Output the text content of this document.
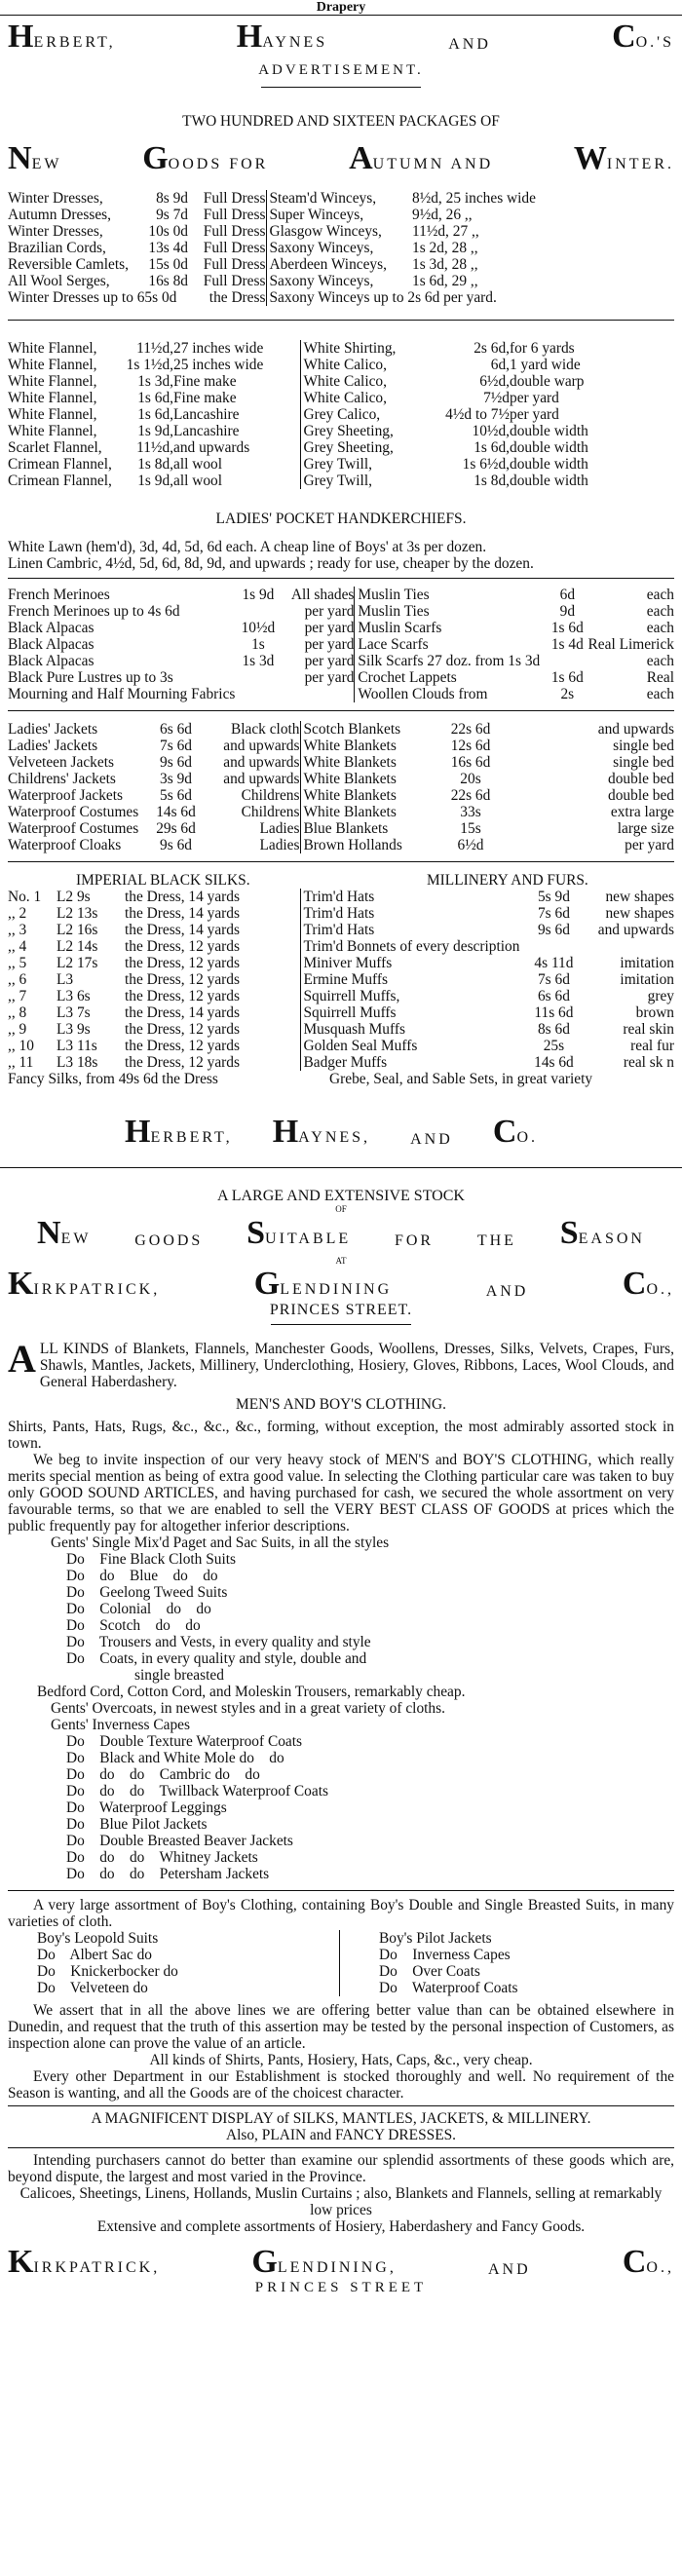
Drapery
HERBERT,	HAYNES	AND	CO.'S
ADVERTISEMENT.
TWO HUNDRED AND SIXTEEN PACKAGES OF
NEW GOODS FOR AUTUMN AND WINTER.
Winter Dresses,	8s 9d	Full Dress	Steam'd Winceys,	8½d, 25 inches wide
Autumn Dresses,	9s 7d	Full Dress	Super Winceys,	9½d, 26 ,,
Winter Dresses,	10s 0d	Full Dress	Glasgow Winceys,	11½d, 27 ,,
Brazilian Cords,	13s 4d	Full Dress	Saxony Winceys,	1s 2d, 28 ,,
Reversible Camlets,	15s 0d	Full Dress	Aberdeen Winceys,	1s 3d, 28 ,,
All Wool Serges,	16s 8d	Full Dress	Saxony Winceys,	1s 6d, 29 ,,
Winter Dresses up to 65s 0d		the Dress	Saxony Winceys up to 2s 6d per yard.	
White Flannel,	11½d,	27 inches wide	White Shirting,	2s 6d,	for 6 yards
White Flannel,	1s 1½d,	25 inches wide	White Calico,	6d,	1 yard wide
White Flannel,	1s 3d,	Fine make	White Calico,	6½d,	double warp
White Flannel,	1s 6d,	Fine make	White Calico,	7½d	per yard
White Flannel,	1s 6d,	Lancashire	Grey Calico,	4½d to 7½	per yard
White Flannel,	1s 9d,	Lancashire	Grey Sheeting,	10½d,	double width
Scarlet Flannel,	11½d,	and upwards	Grey Sheeting,	1s 6d,	double width
Crimean Flannel,	1s 8d,	all wool	Grey Twill,	1s 6½d,	double width
Crimean Flannel,	1s 9d,	all wool	Grey Twill,	1s 8d,	double width
LADIES' POCKET HANDKERCHIEFS.
White Lawn (hem'd), 3d, 4d, 5d, 6d each. A cheap line of Boys' at 3s per dozen.
Linen Cambric, 4½d, 5d, 6d, 8d, 9d, and upwards ; ready for use, cheaper by the dozen.
French Merinoes	1s 9d	All shades	Muslin Ties	6d	each
French Merinoes up to 4s 6d		per yard	Muslin Ties	9d	each
Black Alpacas	10½d	per yard	Muslin Scarfs	1s 6d	each
Black Alpacas	1s	per yard	Lace Scarfs	1s 4d	Real Limerick
Black Alpacas	1s 3d	per yard	Silk Scarfs 27 doz. from 1s 3d		each
Black Pure Lustres up to 3s		per yard	Crochet Lappets	1s 6d	Real
Mourning and Half Mourning Fabrics			Woollen Clouds from	2s	each
Ladies' Jackets	6s 6d	Black cloth	Scotch Blankets	22s 6d	and upwards
Ladies' Jackets	7s 6d	and upwards	White Blankets	12s 6d	single bed
Velveteen Jackets	9s 6d	and upwards	White Blankets	16s 6d	single bed
Childrens' Jackets	3s 9d	and upwards	White Blankets	20s	double bed
Waterproof Jackets	5s 6d	Childrens	White Blankets	22s 6d	double bed
Waterproof Costumes	14s 6d	Childrens	White Blankets	33s	extra large
Waterproof Costumes	29s 6d	Ladies	Blue Blankets	15s	large size
Waterproof Cloaks	9s 6d	Ladies	Brown Hollands	6½d	per yard
IMPERIAL BLACK SILKS.	MILLINERY AND FURS.
No. 1	L2 9s	the Dress, 14 yards	Trim'd Hats	5s 9d	new shapes
,, 2	L2 13s	the Dress, 14 yards	Trim'd Hats	7s 6d	new shapes
,, 3	L2 16s	the Dress, 14 yards	Trim'd Hats	9s 6d	and upwards
,, 4	L2 14s	the Dress, 12 yards	Trim'd Bonnets of every description		
,, 5	L2 17s	the Dress, 12 yards	Miniver Muffs	4s 11d	imitation
,, 6	L3	the Dress, 12 yards	Ermine Muffs	7s 6d	imitation
,, 7	L3 6s	the Dress, 12 yards	Squirrell Muffs,	6s 6d	grey
,, 8	L3 7s	the Dress, 14 yards	Squirrell Muffs	11s 6d	brown
,, 9	L3 9s	the Dress, 12 yards	Musquash Muffs	8s 6d	real skin
,, 10	L3 11s	the Dress, 12 yards	Golden Seal Muffs	25s	real fur
,, 11	L3 18s	the Dress, 12 yards	Badger Muffs	14s 6d	real sk n
Fancy Silks, from 49s 6d the Dress	Grebe, Seal, and Sable Sets, in great variety
HERBERT, HAYNES,	AND CO.
A LARGE AND EXTENSIVE STOCK
OF
NEW	GOODS SUITABLE	FOR	THE SEASON
AT
KIRKPATRICK,	GLENDINING	AND	CO.,
PRINCES STREET.

ALL KINDS of Blankets, Flannels, Manchester Goods, Woollens, Dresses, Silks, Velvets, Crapes, Furs, Shawls, Mantles, Jackets, Millinery, Underclothing, Hosiery, Gloves, Ribbons, Laces, Wool Clouds, and General Haberdashery.

MEN'S AND BOY'S CLOTHING.

Shirts, Pants, Hats, Rugs, &c., &c., &c., forming, without exception, the most admirably assorted stock in town.

We beg to invite inspection of our very heavy stock of MEN'S and BOY'S CLOTHING, which really merits special mention as being of extra good value. In selecting the Clothing particular care was taken to buy only GOOD SOUND ARTICLES, and having purchased for cash, we secured the whole assortment on very favourable terms, so that we are enabled to sell the VERY BEST CLASS OF GOODS at prices which the public frequently pay for altogether inferior descriptions.

Gents' Single Mix'd Paget and Sac Suits, in all the styles
Do    Fine Black Cloth Suits
Do    do    Blue    do    do
Do    Geelong Tweed Suits
Do    Colonial    do    do
Do    Scotch    do    do
Do    Trousers and Vests, in every quality and style
Do    Coats, in every quality and style, double and
single breasted
Bedford Cord, Cotton Cord, and Moleskin Trousers, remarkably cheap.
Gents' Overcoats, in newest styles and in a great variety of cloths.
Gents' Inverness Capes
Do    Double Texture Waterproof Coats
Do    Black and White Mole do    do
Do    do    do    Cambric do    do
Do    do    do    Twillback Waterproof Coats
Do    Waterproof Leggings
Do    Blue Pilot Jackets
Do    Double Breasted Beaver Jackets
Do    do    do    Whitney Jackets
Do    do    do    Petersham Jackets

A very large assortment of Boy's Clothing, containing Boy's Double and Single Breasted Suits, in many varieties of cloth.

Boy's Leopold Suits
Do    Albert Sac do
Do    Knickerbocker do
Do    Velveteen do
Boy's Pilot Jackets
Do    Inverness Capes
Do    Over Coats
Do    Waterproof Coats

We assert that in all the above lines we are offering better value than can be obtained elsewhere in Dunedin, and request that the truth of this assertion may be tested by the personal inspection of Customers, as inspection alone can prove the value of an article.

All kinds of Shirts, Pants, Hosiery, Hats, Caps, &c., very cheap.

Every other Department in our Establishment is stocked thoroughly and well. No requirement of the Season is wanting, and all the Goods are of the choicest character.

A MAGNIFICENT DISPLAY of SILKS, MANTLES, JACKETS, & MILLINERY.
Also, PLAIN and FANCY DRESSES.

Intending purchasers cannot do better than examine our splendid assortments of these goods which are, beyond dispute, the largest and most varied in the Province.

Calicoes, Sheetings, Linens, Hollands, Muslin Curtains ; also, Blankets and Flannels, selling at remarkably low prices
Extensive and complete assortments of Hosiery, Haberdashery and Fancy Goods.
KIRKPATRICK,	GLENDINING,	AND	CO.,
PRINCES STREET
